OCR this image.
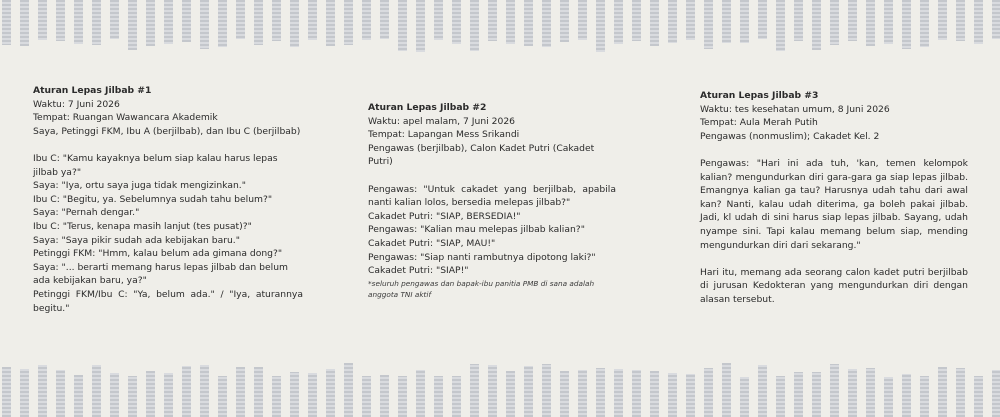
Aturan Lepas Jilbab #1

Waktu: 7 Juni 2026

Tempat: Ruangan Wawancara Akademik

Saya, Petinggi FKM, Ibu A (berjilbab), dan Ibu C (berjilbab)

Ibu C: "Kamu kayaknya belum siap kalau harus lepas jilbab ya?"

Saya: "Iya, ortu saya juga tidak mengizinkan."

Ibu C: "Begitu, ya. Sebelumnya sudah tahu belum?"

Saya: "Pernah dengar."

Ibu C: "Terus, kenapa masih lanjut (tes pusat)?"

Saya: "Saya pikir sudah ada kebijakan baru."

Petinggi FKM: "Hmm, kalau belum ada gimana dong?"

Saya: "... berarti memang harus lepas jilbab dan belum ada kebijakan baru, ya?"

Petinggi FKM/Ibu C: "Ya, belum ada." / "Iya, aturannya begitu."

Aturan Lepas Jilbab #2

Waktu: apel malam, 7 Juni 2026

Tempat: Lapangan Mess Srikandi

Pengawas (berjilbab), Calon Kadet Putri (Cakadet Putri)

Pengawas: "Untuk cakadet yang berjilbab, apabila nanti kalian lolos, bersedia melepas jilbab?"

Cakadet Putri: "SIAP, BERSEDIA!"

Pengawas: "Kalian mau melepas jilbab kalian?"

Cakadet Putri: "SIAP, MAU!"

Pengawas: "Siap nanti rambutnya dipotong laki?"

Cakadet Putri: "SIAP!"

*seluruh pengawas dan bapak-ibu panitia PMB di sana adalah anggota TNI aktif

Aturan Lepas Jilbab #3

Waktu: tes kesehatan umum, 8 Juni 2026

Tempat: Aula Merah Putih

Pengawas (nonmuslim); Cakadet Kel. 2

Pengawas: "Hari ini ada tuh, 'kan, temen kelompok kalian? mengundurkan diri gara-gara ga siap lepas jilbab. Emangnya kalian ga tau? Harusnya udah tahu dari awal kan? Nanti, kalau udah diterima, ga boleh pakai jilbab. Jadi, kl udah di sini harus siap lepas jilbab. Sayang, udah nyampe sini. Tapi kalau memang belum siap, mending mengundurkan diri dari sekarang."

Hari itu, memang ada seorang calon kadet putri berjilbab di jurusan Kedokteran yang mengundurkan diri dengan alasan tersebut.
